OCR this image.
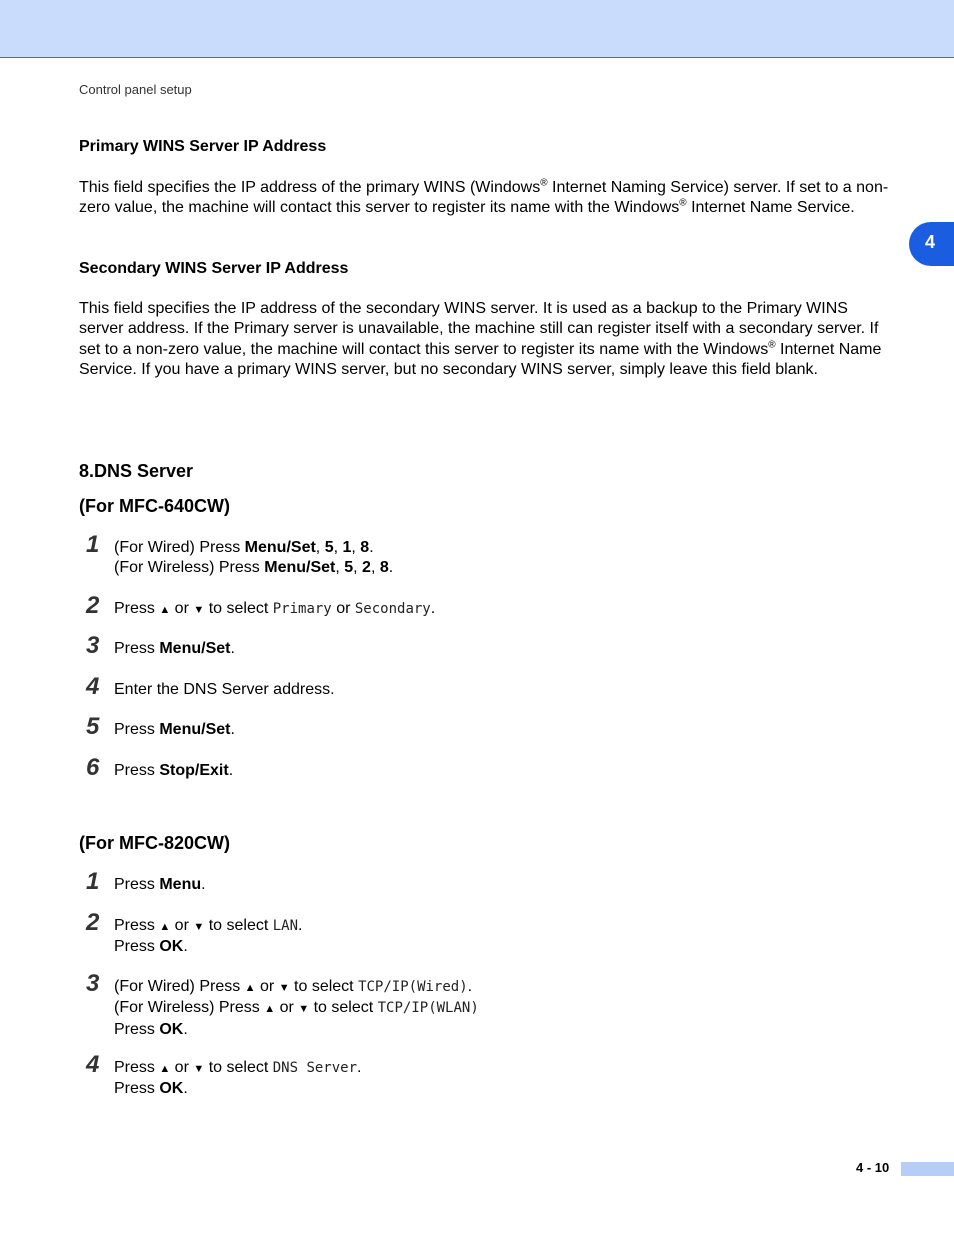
4
Control panel setup
Primary WINS Server IP Address
This field specifies the IP address of the primary WINS (Windows® Internet Naming Service) server. If set to a non-zero value, the machine will contact this server to register its name with the Windows® Internet Name Service.
Secondary WINS Server IP Address
This field specifies the IP address of the secondary WINS server. It is used as a backup to the Primary WINS server address. If the Primary server is unavailable, the machine still can register itself with a secondary server. If set to a non-zero value, the machine will contact this server to register its name with the Windows® Internet Name Service. If you have a primary WINS server, but no secondary WINS server, simply leave this field blank.
8.DNS Server
(For MFC-640CW)
1 (For Wired) Press Menu/Set, 5, 1, 8.
(For Wireless) Press Menu/Set, 5, 2, 8.
2 Press ▲ or ▼ to select Primary or Secondary.
3 Press Menu/Set.
4 Enter the DNS Server address.
5 Press Menu/Set.
6 Press Stop/Exit.
(For MFC-820CW)
1 Press Menu.
2 Press ▲ or ▼ to select LAN.
Press OK.
3 (For Wired) Press ▲ or ▼ to select TCP/IP(Wired).
(For Wireless) Press ▲ or ▼ to select TCP/IP(WLAN)
Press OK.
4 Press ▲ or ▼ to select DNS Server.
Press OK.
4 - 10
